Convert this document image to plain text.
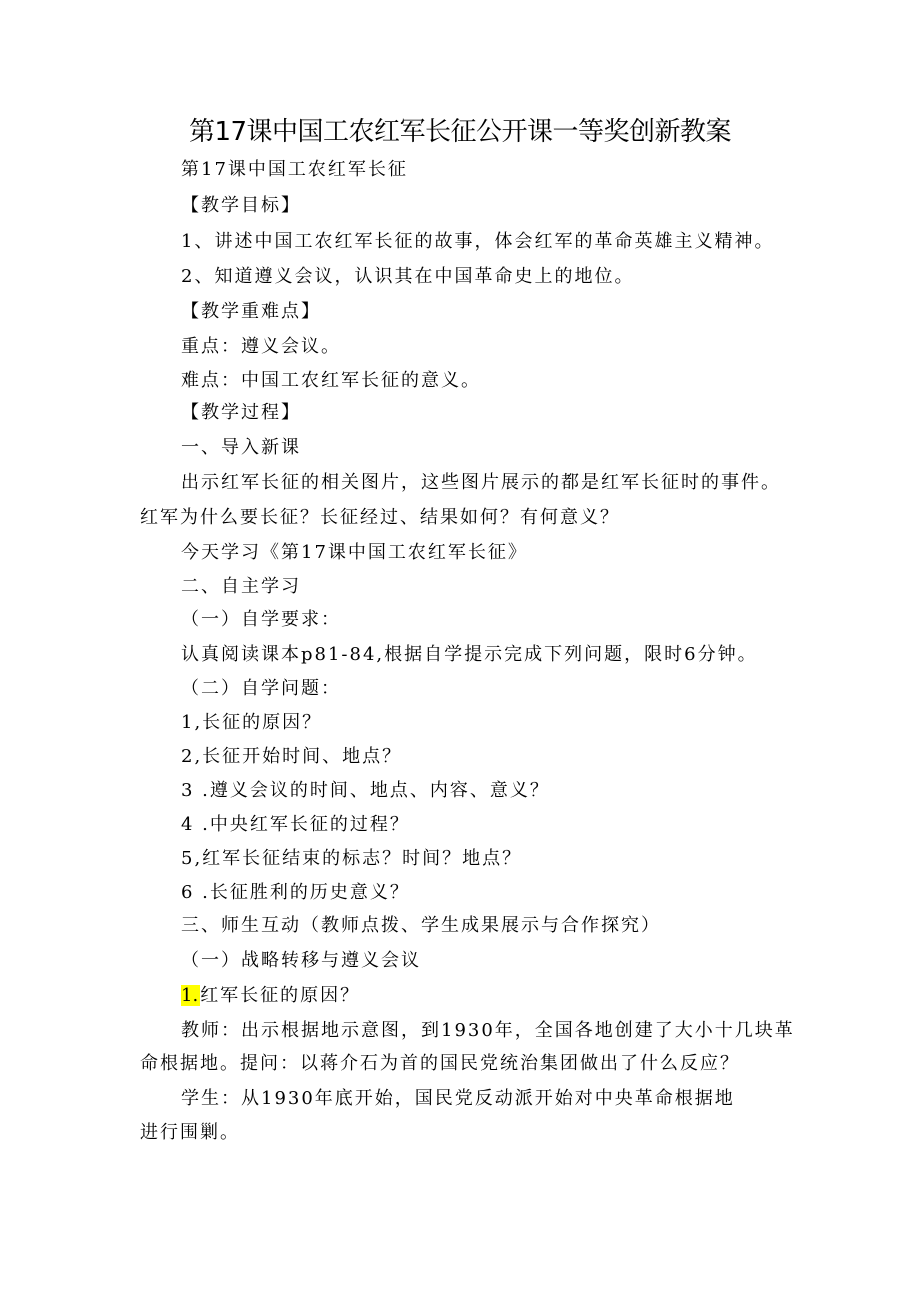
第17课中国工农红军长征公开课一等奖创新教案
第17课中国工农红军长征
【教学目标】
1、讲述中国工农红军长征的故事，体会红军的革命英雄主义精神。
2、知道遵义会议，认识其在中国革命史上的地位。
【教学重难点】
重点：遵义会议。
难点：中国工农红军长征的意义。
【教学过程】
一、导入新课
出示红军长征的相关图片，这些图片展示的都是红军长征时的事件。
红军为什么要长征？长征经过、结果如何？有何意义？
今天学习《第17课中国工农红军长征》
二、自主学习
（一）自学要求：
认真阅读课本p81-84,根据自学提示完成下列问题，限时6分钟。
（二）自学问题：
1,长征的原因？
2,长征开始时间、地点？
3 .遵义会议的时间、地点、内容、意义？
4 .中央红军长征的过程？
5,红军长征结束的标志？时间？地点？
6 .长征胜利的历史意义？
三、师生互动（教师点拨、学生成果展示与合作探究）
（一）战略转移与遵义会议
1. 红军长征的原因？
教师：出示根据地示意图，到1930年，全国各地创建了大小十几块革
命根据地。提问：以蒋介石为首的国民党统治集团做出了什么反应？
学生：从1930年底开始，国民党反动派开始对中央革命根据地
进行围剿。
